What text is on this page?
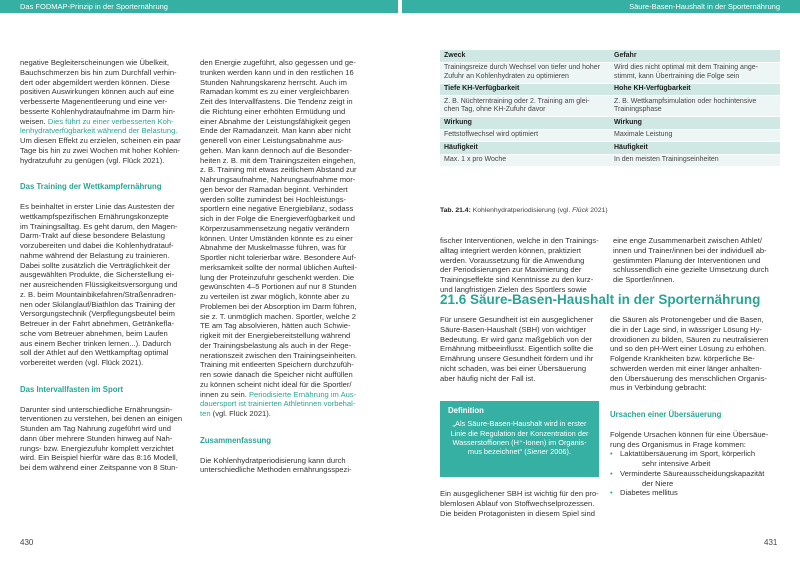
Das FODMAP-Prinzip in der Sporternährung	Säure-Basen-Haushalt in der Sporternährung

negative Begleiterscheinungen wie Übelkeit,
Bauchschmerzen bis hin zum Durchfall verhin-
dert oder abgemildert werden können. Diese
positiven Auswirkungen können auch auf eine
verbesserte Magenentleerung und eine ver-
besserte Kohlenhydrataufnahme im Darm hin-
weisen. Dies führt zu einer verbesserten Koh-
lenhydratverfügbarkeit während der Belastung.
Um diesen Effekt zu erzielen, scheinen ein paar
Tage bis hin zu zwei Wochen mit hoher Kohlen-
hydratzufuhr zu genügen (vgl. Flück 2021).

Das Training der Wettkampfernährung

Es beinhaltet in erster Linie das Austesten der
wettkampfspezifischen Ernährungskonzepte
im Trainingsalltag. Es geht darum, den Magen-
Darm-Trakt auf diese besondere Belastung
vorzubereiten und dabei die Kohlenhydratauf-
nahme während der Belastung zu trainieren.
Dabei sollte zusätzlich die Verträglichkeit der
ausgewählten Produkte, die Sicherstellung ei-
ner ausreichenden Flüssigkeitsversorgung und
z. B. beim Mountainbikefahren/Straßenradren-
nen oder Skilanglauf/Biathlon das Training der
Versorgungstechnik (Verpflegungsbeutel beim
Betreuer in der Fahrt abnehmen, Getränkefla-
sche vom Betreuer abnehmen, beim Laufen
aus einem Becher trinken lernen...). Dadurch
soll der Athlet auf den Wettkampftag optimal
vorbereitet werden (vgl. Flück 2021).

Das Intervallfasten im Sport

Darunter sind unterschiedliche Ernährungsin-
terventionen zu verstehen, bei denen an einigen
Stunden am Tag Nahrung zugeführt wird und
dann über mehrere Stunden hinweg auf Nah-
rungs- bzw. Energiezufuhr komplett verzichtet
wird. Ein Beispiel hierfür wäre das 8:16 Modell,
bei dem während einer Zeitspanne von 8 Stun-

den Energie zugeführt, also gegessen und ge-
trunken werden kann und in den restlichen 16
Stunden Nahrungskarenz herrscht. Auch im
Ramadan kommt es zu einer vergleichbaren
Zeit des Intervallfastens. Die Tendenz zeigt in
die Richtung einer erhöhten Ermüdung und
einer Abnahme der Leistungsfähigkeit gegen
Ende der Ramadanzeit. Man kann aber nicht
generell von einer Leistungsabnahme aus-
gehen. Man kann dennoch auf die Besonder-
heiten z. B. mit dem Trainingszeiten eingehen,
z. B. Training mit etwas zeitlichem Abstand zur
Nahrungsaufnahme, Nahrungsaufnahme mor-
gen bevor der Ramadan beginnt. Verhindert
werden sollte zumindest bei Hochleistungs-
sportlern eine negative Energiebilanz, sodass
sich in der Folge die Energieverfügbarkeit und
Körperzusammensetzung negativ verändern
können. Unter Umständen könnte es zu einer
Abnahme der Muskelmasse führen, was für
Sportler nicht tolerierbar wäre. Besondere Auf-
merksamkeit sollte der normal üblichen Aufteil-
lung der Proteinzufuhr geschenkt werden. Die
gewünschten 4–5 Portionen auf nur 8 Stunden
zu verteilen ist zwar möglich, könnte aber zu
Problemen bei der Absorption im Darm führen,
sie z. T. unmöglich machen. Sportler, welche 2
TE am Tag absolvieren, hätten auch Schwie-
rigkeit mit der Energiebereitstellung während
der Trainingsbelastung als auch in der Rege-
nerationszeit zwischen den Trainingseinheiten.
Training mit entleerten Speichern durchzufüh-
ren sowie danach die Speicher nicht auffüllen
zu können scheint nicht ideal für die Sportler/
innen zu sein. Periodisierte Ernährung im Aus-
dauersport ist trainierten Athletinnen vorbehal-
ten (vgl. Flück 2021).

Zusammenfassung

Die Kohlenhydratperiodisierung kann durch
unterschiedliche Methoden ernährungsspezi-

430
Zweck	Gefahr

Trainingsreize durch Wechsel von tiefer und hoher
Zufuhr an Kohlenhydraten zu optimieren	Wird dies nicht optimal mit dem Training ange-
stimmt, kann Übertraining die Folge sein

Tiefe KH-Verfügbarkeit	Hohe KH-Verfügbarkeit

Z. B. Nüchterntraining oder 2. Training am glei-
chen Tag, ohne KH-Zufuhr davor	Z. B. Wettkampfsimulation oder hochintensive
Trainingsphase

Wirkung	Wirkung

Fettstoffwechsel wird optimiert	Maximale Leistung

Häufigkeit	Häufigkeit

Max. 1 x pro Woche	In den meisten Trainingseinheiten
Tab. 21.4: Kohlenhydratperiodisierung (vgl. Flück 2021)

fischer Interventionen, welche in den Trainings-
alltag integriert werden können, praktiziert
werden. Voraussetzung für die Anwendung
der Periodisierungen zur Maximierung der
Trainingseffekte sind Kenntnisse zu den kurz-
und langfristigen Zielen des Sportlers sowie

eine enge Zusammenarbeit zwischen Athlet/
innen und Trainer/innen bei der individuell ab-
gestimmten Planung der Interventionen und
schlussendlich eine gezielte Umsetzung durch
die Sportler/innen.

21.6 Säure-Basen-Haushalt in der Sporternährung

Für unsere Gesundheit ist ein ausgeglichener
Säure-Basen-Haushalt (SBH) von wichtiger
Bedeutung. Er wird ganz maßgeblich von der
Ernährung mitbeeinflusst. Eigentlich sollte die
Ernährung unsere Gesundheit fördern und ihr
nicht schaden, was bei einer Übersäuerung
aber häufig nicht der Fall ist.

Definition
„Als Säure-Basen-Haushalt wird in erster Linie die Regulation der Konzentration der Wasserstoffionen (H⁺-Ionen) im Organis-mus bezeichnet“ (Siener 2006).

Ein ausgeglichener SBH ist wichtig für den pro-
blemlosen Ablauf von Stoffwechselprozessen.
Die beiden Protagonisten in diesem Spiel sind

die Säuren als Protonengeber und die Basen,
die in der Lage sind, in wässriger Lösung Hy-
droxidionen zu bilden, Säuren zu neutralisieren
und so den pH-Wert einer Lösung zu erhöhen.
Folgende Krankheiten bzw. körperliche Be-
schwerden werden mit einer länger anhalten-
den Übersäuerung des menschlichen Organis-
mus in Verbindung gebracht:

Ursachen einer Übersäuerung

Folgende Ursachen können für eine Übersäue-
rung des Organismus in Frage kommen:

• Laktatübersäuerung im Sport, körperlich
sehr intensive Arbeit
• Verminderte Säureausscheidungskapazität
der Niere
• Diabetes mellitus
431
